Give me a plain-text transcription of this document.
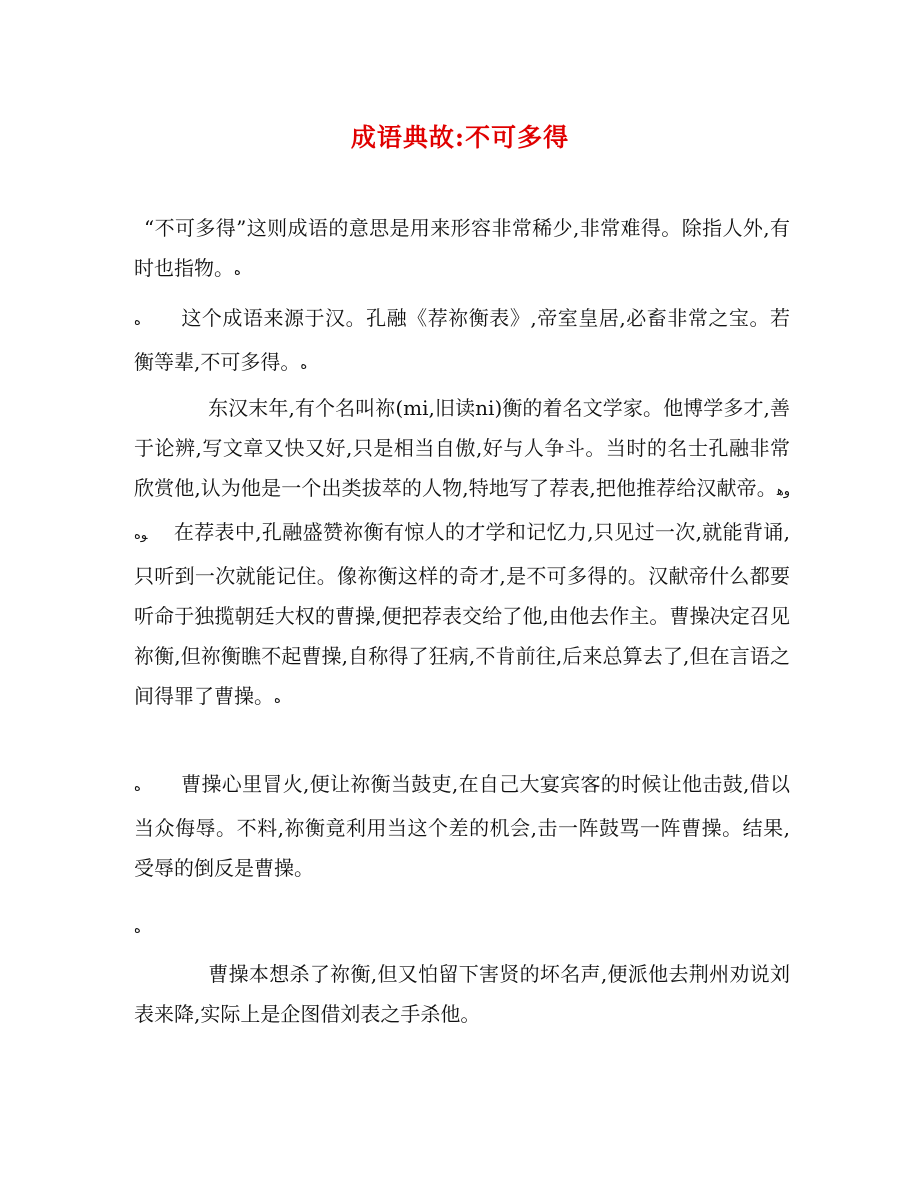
成语典故:不可多得
“不可多得”这则成语的意思是用来形容非常稀少,非常难得。除指人外,有时也指物。ه
ه 这个成语来源于汉。孔融《荐祢衡表》,帝室皇居,必畜非常之宝。若衡等辈,不可多得。ه
东汉末年,有个名叫祢(mi,旧读ni)衡的着名文学家。他博学多才,善于论辨,写文章又快又好,只是相当自傲,好与人争斗。当时的名士孔融非常欣赏他,认为他是一个出类拔萃的人物,特地写了荐表,把他推荐给汉献帝。وهوه 在荐表中,孔融盛赞祢衡有惊人的才学和记忆力,只见过一次,就能背诵,只听到一次就能记住。像祢衡这样的奇才,是不可多得的。汉献帝什么都要听命于独揽朝廷大权的曹操,便把荐表交给了他,由他去作主。曹操决定召见祢衡,但祢衡瞧不起曹操,自称得了狂病,不肯前往,后来总算去了,但在言语之间得罪了曹操。ه
ه 曹操心里冒火,便让祢衡当鼓吏,在自己大宴宾客的时候让他击鼓,借以当众侮辱。不料,祢衡竟利用当这个差的机会,击一阵鼓骂一阵曹操。结果,受辱的倒反是曹操。
ه
曹操本想杀了祢衡,但又怕留下害贤的坏名声,便派他去荆州劝说刘表来降,实际上是企图借刘表之手杀他。
